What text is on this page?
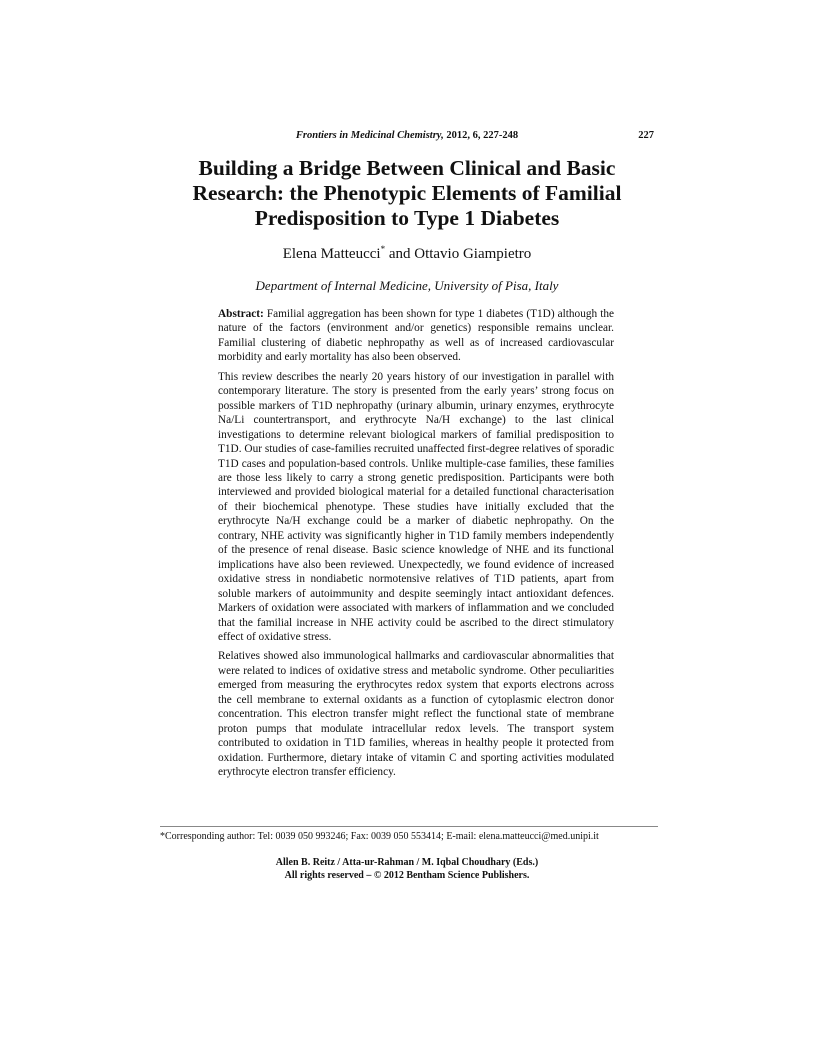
Frontiers in Medicinal Chemistry, 2012, 6, 227-248	227
Building a Bridge Between Clinical and Basic
Research: the Phenotypic Elements of Familial
Predisposition to Type 1 Diabetes
Elena Matteucci* and Ottavio Giampietro
Department of Internal Medicine, University of Pisa, Italy

Abstract: Familial aggregation has been shown for type 1 diabetes (T1D) although the nature of the factors (environment and/or genetics) responsible remains unclear. Familial clustering of diabetic nephropathy as well as of increased cardiovascular morbidity and early mortality has also been observed.

This review describes the nearly 20 years history of our investigation in parallel with contemporary literature. The story is presented from the early years’ strong focus on possible markers of T1D nephropathy (urinary albumin, urinary enzymes, erythrocyte Na/Li countertransport, and erythrocyte Na/H exchange) to the last clinical investigations to determine relevant biological markers of familial predisposition to T1D. Our studies of case-families recruited unaffected first-degree relatives of sporadic T1D cases and population-based controls. Unlike multiple-case families, these families are those less likely to carry a strong genetic predisposition. Participants were both interviewed and provided biological material for a detailed functional characterisation of their biochemical phenotype. These studies have initially excluded that the erythrocyte Na/H exchange could be a marker of diabetic nephropathy. On the contrary, NHE activity was significantly higher in T1D family members independently of the presence of renal disease. Basic science knowledge of NHE and its functional implications have also been reviewed. Unexpectedly, we found evidence of increased oxidative stress in nondiabetic normotensive relatives of T1D patients, apart from soluble markers of autoimmunity and despite seemingly intact antioxidant defences. Markers of oxidation were associated with markers of inflammation and we concluded that the familial increase in NHE activity could be ascribed to the direct stimulatory effect of oxidative stress.

Relatives showed also immunological hallmarks and cardiovascular abnormalities that were related to indices of oxidative stress and metabolic syndrome. Other peculiarities emerged from measuring the erythrocytes redox system that exports electrons across the cell membrane to external oxidants as a function of cytoplasmic electron donor concentration. This electron transfer might reflect the functional state of membrane proton pumps that modulate intracellular redox levels. The transport system contributed to oxidation in T1D families, whereas in healthy people it protected from oxidation. Furthermore, dietary intake of vitamin C and sporting activities modulated erythrocyte electron transfer efficiency.

*Corresponding author: Tel: 0039 050 993246; Fax: 0039 050 553414; E-mail: elena.matteucci@med.unipi.it
Allen B. Reitz / Atta-ur-Rahman / M. Iqbal Choudhary (Eds.)
All rights reserved – © 2012 Bentham Science Publishers.
